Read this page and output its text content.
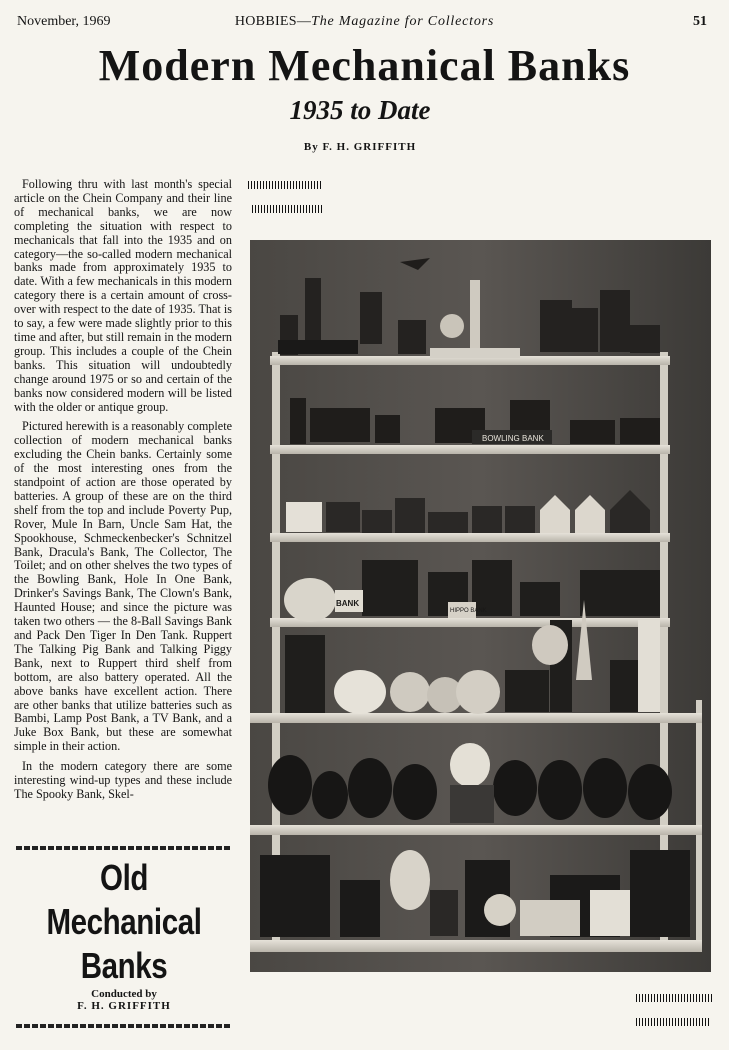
November, 1969	HOBBIES—The Magazine for Collectors	51
Modern Mechanical Banks
1935 to Date
By F. H. GRIFFITH

Following thru with last month's special article on the Chein Company and their line of mechanical banks, we are now completing the situation with respect to mechanicals that fall into the 1935 and on category—the so-called modern mechanical banks made from approximately 1935 to date. With a few mechanicals in this modern category there is a certain amount of cross-over with respect to the date of 1935. That is to say, a few were made slightly prior to this time and after, but still remain in the modern group. This includes a couple of the Chein banks. This situation will undoubtedly change around 1975 or so and certain of the banks now considered modern will be listed with the older or antique group.

Pictured herewith is a reasonably complete collection of modern mechanical banks excluding the Chein banks. Certainly some of the most interesting ones from the standpoint of action are those operated by batteries. A group of these are on the third shelf from the top and include Poverty Pup, Rover, Mule In Barn, Uncle Sam Hat, the Spookhouse, Schmeckenbecker's Schnitzel Bank, Dracula's Bank, The Collector, The Toilet; and on other shelves the two types of the Bowling Bank, Hole In One Bank, Drinker's Savings Bank, The Clown's Bank, Haunted House; and since the picture was taken two others — the 8-Ball Savings Bank and Pack Den Tiger In Den Tank. Ruppert The Talking Pig Bank and Talking Piggy Bank, next to Ruppert third shelf from bottom, are also battery operated. All the above banks have excellent action. There are other banks that utilize batteries such as Bambi, Lamp Post Bank, a TV Bank, and a Juke Box Bank, but these are somewhat simple in their action.

In the modern category there are some interesting wind-up types and these include The Spooky Bank, Skel-

Old
Mechanical
Banks
Conducted by
F. H. GRIFFITH
BOWLING BANK
BANK
HIPPO BANK
